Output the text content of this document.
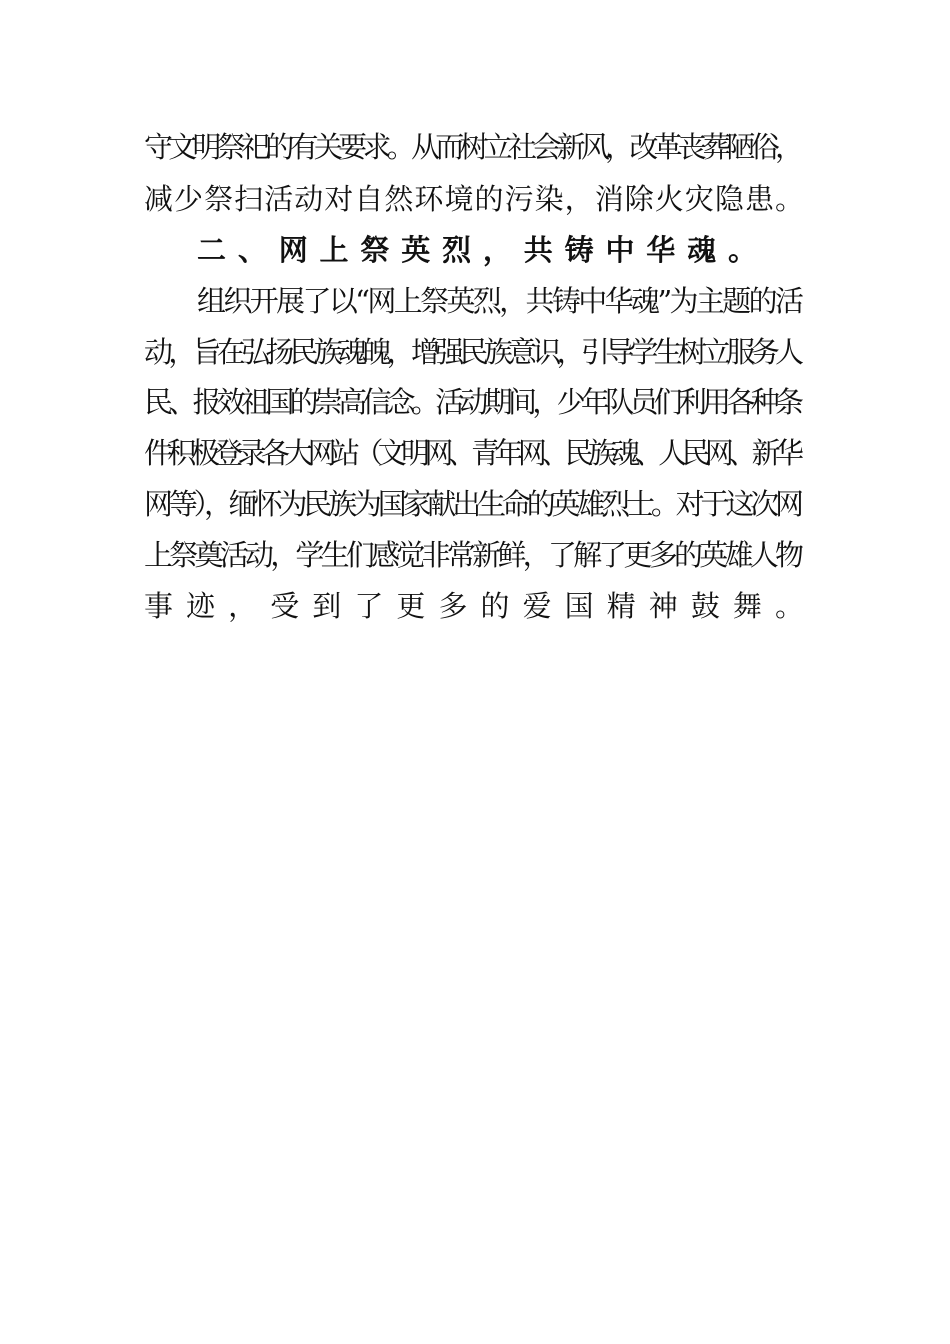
守文明祭祀的有关要求。从而树立社会新风，改革丧葬陋俗，
减少祭扫活动对自然环境的污染，消除火灾隐患。
二、网上祭英烈，共铸中华魂。
组织开展了以“网上祭英烈，共铸中华魂”为主题的活
动，旨在弘扬民族魂魄，增强民族意识，引导学生树立服务人
民、报效祖国的崇高信念。活动期间，少年队员们利用各种条
件积极登录各大网站（文明网、青年网、民族魂、人民网、新华
网等），缅怀为民族为国家献出生命的英雄烈士。对于这次网
上祭奠活动，学生们感觉非常新鲜，了解了更多的英雄人物
事迹，受到了更多的爱国精神鼓舞。
